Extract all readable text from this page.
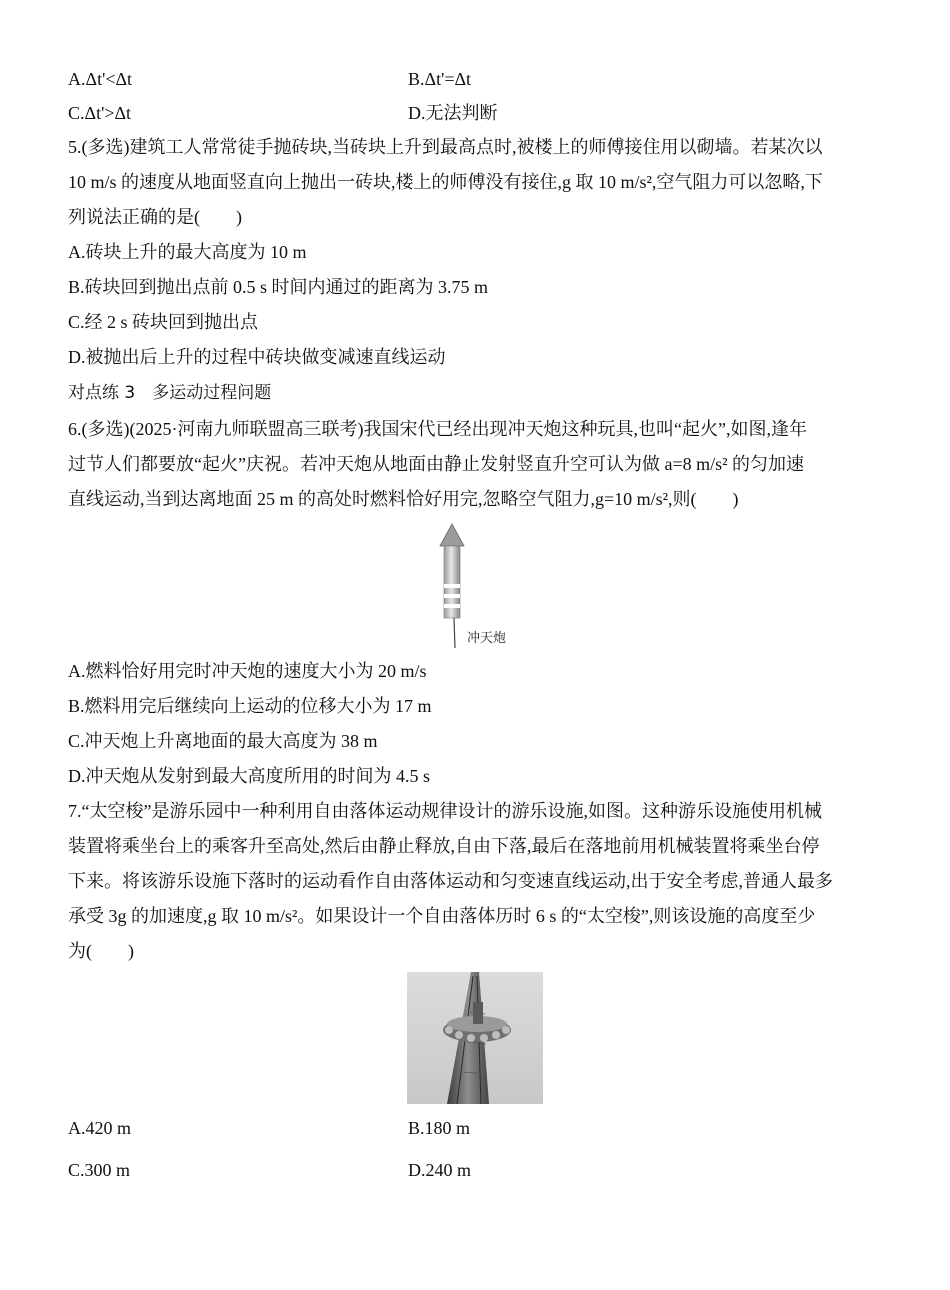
A.Δt'<Δt	B.Δt'=Δt
C.Δt'>Δt	D.无法判断
5.(多选)建筑工人常常徒手抛砖块,当砖块上升到最高点时,被楼上的师傅接住用以砌墙。若某次以
10 m/s 的速度从地面竖直向上抛出一砖块,楼上的师傅没有接住,g 取 10 m/s²,空气阻力可以忽略,下
列说法正确的是(　　)
A.砖块上升的最大高度为 10 m
B.砖块回到抛出点前 0.5 s 时间内通过的距离为 3.75 m
C.经 2 s 砖块回到抛出点
D.被抛出后上升的过程中砖块做变减速直线运动
对点练 3　多运动过程问题
6.(多选)(2025·河南九师联盟高三联考)我国宋代已经出现冲天炮这种玩具,也叫“起火”,如图,逢年
过节人们都要放“起火”庆祝。若冲天炮从地面由静止发射竖直升空可认为做 a=8 m/s² 的匀加速
直线运动,当到达离地面 25 m 的高处时燃料恰好用完,忽略空气阻力,g=10 m/s²,则(　　)
冲天炮
A.燃料恰好用完时冲天炮的速度大小为 20 m/s
B.燃料用完后继续向上运动的位移大小为 17 m
C.冲天炮上升离地面的最大高度为 38 m
D.冲天炮从发射到最大高度所用的时间为 4.5 s
7.“太空梭”是游乐园中一种利用自由落体运动规律设计的游乐设施,如图。这种游乐设施使用机械
装置将乘坐台上的乘客升至高处,然后由静止释放,自由下落,最后在落地前用机械装置将乘坐台停
下来。将该游乐设施下落时的运动看作自由落体运动和匀变速直线运动,出于安全考虑,普通人最多
承受 3g 的加速度,g 取 10 m/s²。如果设计一个自由落体历时 6 s 的“太空梭”,则该设施的高度至少
为(　　)
A.420 m	B.180 m
C.300 m	D.240 m
